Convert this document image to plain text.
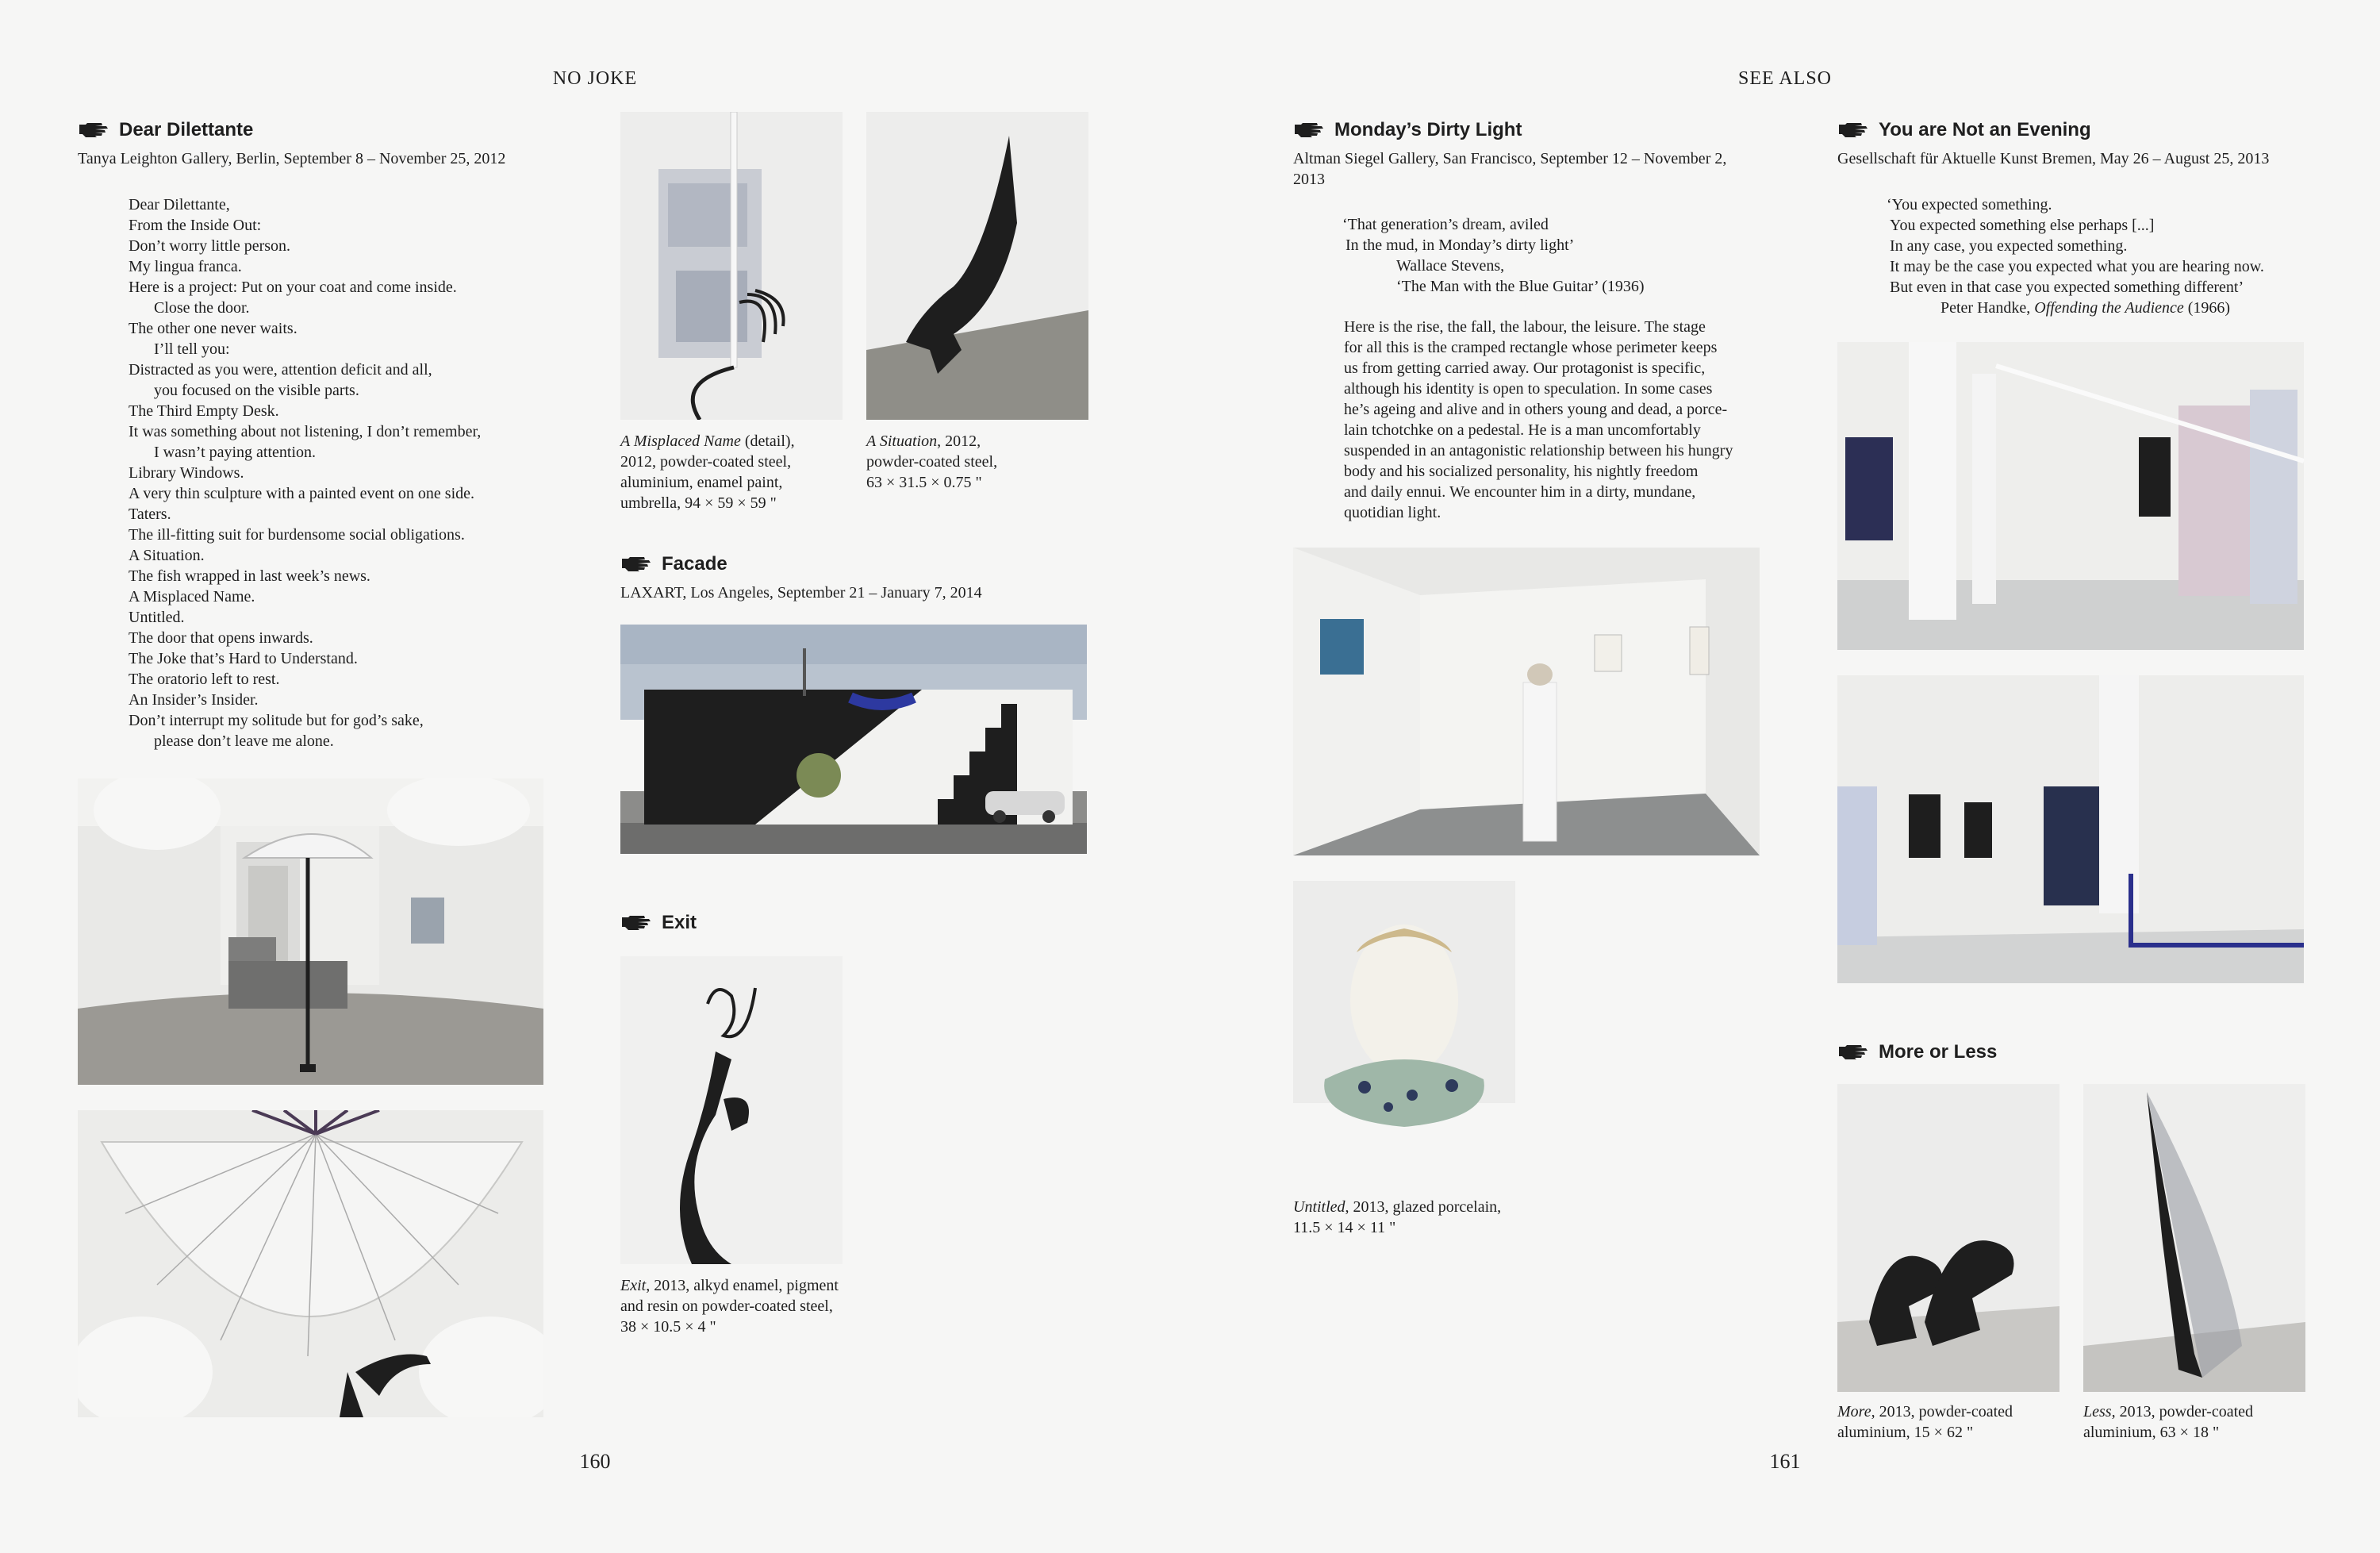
NO JOKE
Dear Dilettante
Tanya Leighton Gallery, Berlin, September 8 – November 25, 2012
Dear Dilettante,
From the Inside Out:
Don’t worry little person.
My lingua franca.
Here is a project: Put on your coat and come inside.
Close the door.
The other one never waits.
I’ll tell you:
Distracted as you were, attention deficit and all,
you focused on the visible parts.
The Third Empty Desk.
It was something about not listening, I don’t remember,
I wasn’t paying attention.
Library Windows.
A very thin sculpture with a painted event on one side.
Taters.
The ill-fitting suit for burdensome social obligations.
A Situation.
The fish wrapped in last week’s news.
A Misplaced Name.
Untitled.
The door that opens inwards.
The Joke that’s Hard to Understand.
The oratorio left to rest.
An Insider’s Insider.
Don’t interrupt my solitude but for god’s sake,
please don’t leave me alone.
A Misplaced Name (detail),
2012, powder-coated steel,
aluminium, enamel paint,
umbrella, 94 × 59 × 59 "
A Situation, 2012,
powder-coated steel,
63 × 31.5 × 0.75 "
Facade
LAXART, Los Angeles, September 21 – January 7, 2014
Exit
Exit, 2013, alkyd enamel, pigment
and resin on powder-coated steel,
38 × 10.5 × 4 "
160
SEE ALSO
Monday’s Dirty Light
Altman Siegel Gallery, San Francisco, September 12 – November 2,
2013
‘That generation’s dream, aviled
In the mud, in Monday’s dirty light’
Wallace Stevens,
‘The Man with the Blue Guitar’ (1936)
Here is the rise, the fall, the labour, the leisure. The stage
for all this is the cramped rectangle whose perimeter keeps
us from getting carried away. Our protagonist is specific,
although his identity is open to speculation. In some cases
he’s ageing and alive and in others young and dead, a porce-
lain tchotchke on a pedestal. He is a man uncomfortably
suspended in an antagonistic relationship between his hungry
body and his socialized personality, his nightly freedom
and daily ennui. We encounter him in a dirty, mundane,
quotidian light.
Untitled, 2013, glazed porcelain,
11.5 × 14 × 11 "
You are Not an Evening
Gesellschaft für Aktuelle Kunst Bremen, May 26 – August 25, 2013
‘You expected something.
You expected something else perhaps [...]
In any case, you expected something.
It may be the case you expected what you are hearing now.
But even in that case you expected something different’
Peter Handke, Offending the Audience (1966)
More or Less
More, 2013, powder-coated
aluminium, 15 × 62 "
Less, 2013, powder-coated
aluminium, 63 × 18 "
161
